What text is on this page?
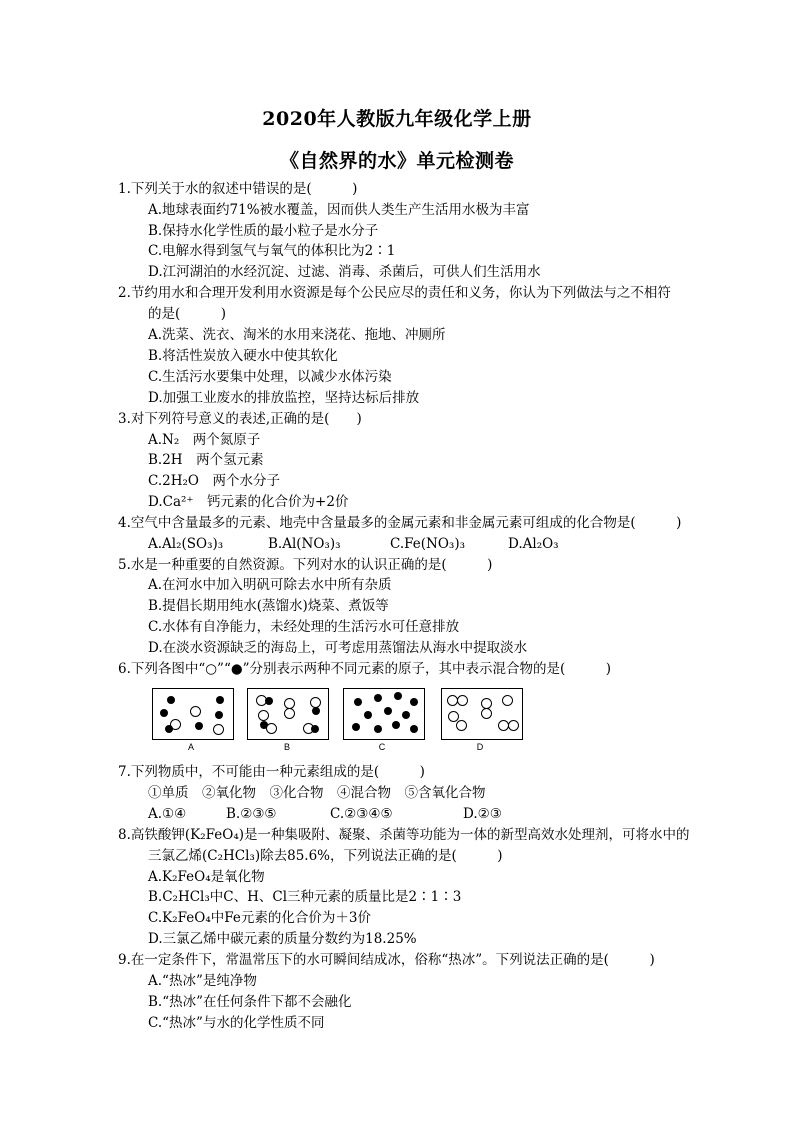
2020年人教版九年级化学上册
《自然界的水》单元检测卷
1.下列关于水的叙述中错误的是(　　　)
A.地球表面约71%被水覆盖，因而供人类生产生活用水极为丰富
B.保持水化学性质的最小粒子是水分子
C.电解水得到氢气与氧气的体积比为2∶1
D.江河湖泊的水经沉淀、过滤、消毒、杀菌后，可供人们生活用水
2.节约用水和合理开发利用水资源是每个公民应尽的责任和义务，你认为下列做法与之不相符
的是(　　　)
A.洗菜、洗衣、淘米的水用来浇花、拖地、冲厕所
B.将活性炭放入硬水中使其软化
C.生活污水要集中处理，以减少水体污染
D.加强工业废水的排放监控，坚持达标后排放
3.对下列符号意义的表述,正确的是(　　)
A.N₂　两个氮原子
B.2H　两个氢元素
C.2H₂O　两个水分子
D.Ca²⁺　钙元素的化合价为+2价
4.空气中含量最多的元素、地壳中含量最多的金属元素和非金属元素可组成的化合物是(　　　)
A.Al₂(SO₃)₃	B.Al(NO₃)₃	C.Fe(NO₃)₃	D.Al₂O₃
5.水是一种重要的自然资源。下列对水的认识正确的是(　　　)
A.在河水中加入明矾可除去水中所有杂质
B.提倡长期用纯水(蒸馏水)烧菜、煮饭等
C.水体有自净能力，未经处理的生活污水可任意排放
D.在淡水资源缺乏的海岛上，可考虑用蒸馏法从海水中提取淡水
6.下列各图中“○”“●”分别表示两种不同元素的原子，其中表示混合物的是(　　　)
A	B	C	D
7.下列物质中，不可能由一种元素组成的是(　　　)
①单质　②氧化物　③化合物　④混合物　⑤含氧化合物
A.①④	B.②③⑤	C.②③④⑤	D.②③
8.高铁酸钾(K₂FeO₄)是一种集吸附、凝聚、杀菌等功能为一体的新型高效水处理剂，可将水中的
三氯乙烯(C₂HCl₃)除去85.6%，下列说法正确的是(　　　)
A.K₂FeO₄是氧化物
B.C₂HCl₃中C、H、Cl三种元素的质量比是2∶1∶3
C.K₂FeO₄中Fe元素的化合价为＋3价
D.三氯乙烯中碳元素的质量分数约为18.25%
9.在一定条件下，常温常压下的水可瞬间结成冰，俗称“热冰”。下列说法正确的是(　　　)
A.“热冰”是纯净物
B.“热冰”在任何条件下都不会融化
C.“热冰”与水的化学性质不同
